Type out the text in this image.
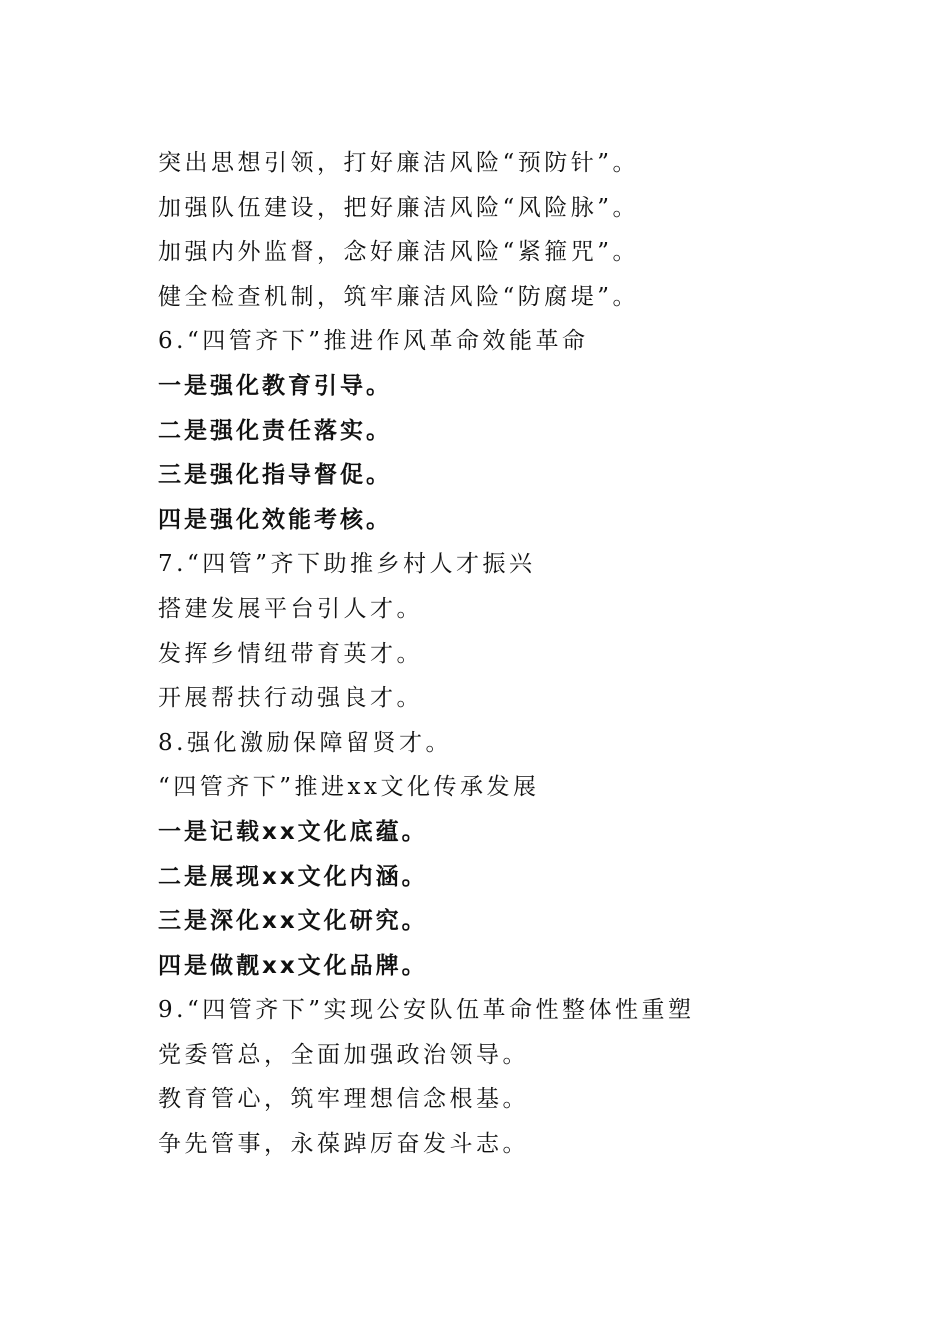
突出思想引领，打好廉洁风险“预防针”。
加强队伍建设，把好廉洁风险“风险脉”。
加强内外监督，念好廉洁风险“紧箍咒”。
健全检查机制，筑牢廉洁风险“防腐堤”。
6.“四管齐下”推进作风革命效能革命
一是强化教育引导。
二是强化责任落实。
三是强化指导督促。
四是强化效能考核。
7.“四管”齐下助推乡村人才振兴
搭建发展平台引人才。
发挥乡情纽带育英才。
开展帮扶行动强良才。
8.强化激励保障留贤才。
“四管齐下”推进xx文化传承发展
一是记载xx文化底蕴。
二是展现xx文化内涵。
三是深化xx文化研究。
四是做靓xx文化品牌。
9.“四管齐下”实现公安队伍革命性整体性重塑
党委管总，全面加强政治领导。
教育管心，筑牢理想信念根基。
争先管事，永葆踔厉奋发斗志。
